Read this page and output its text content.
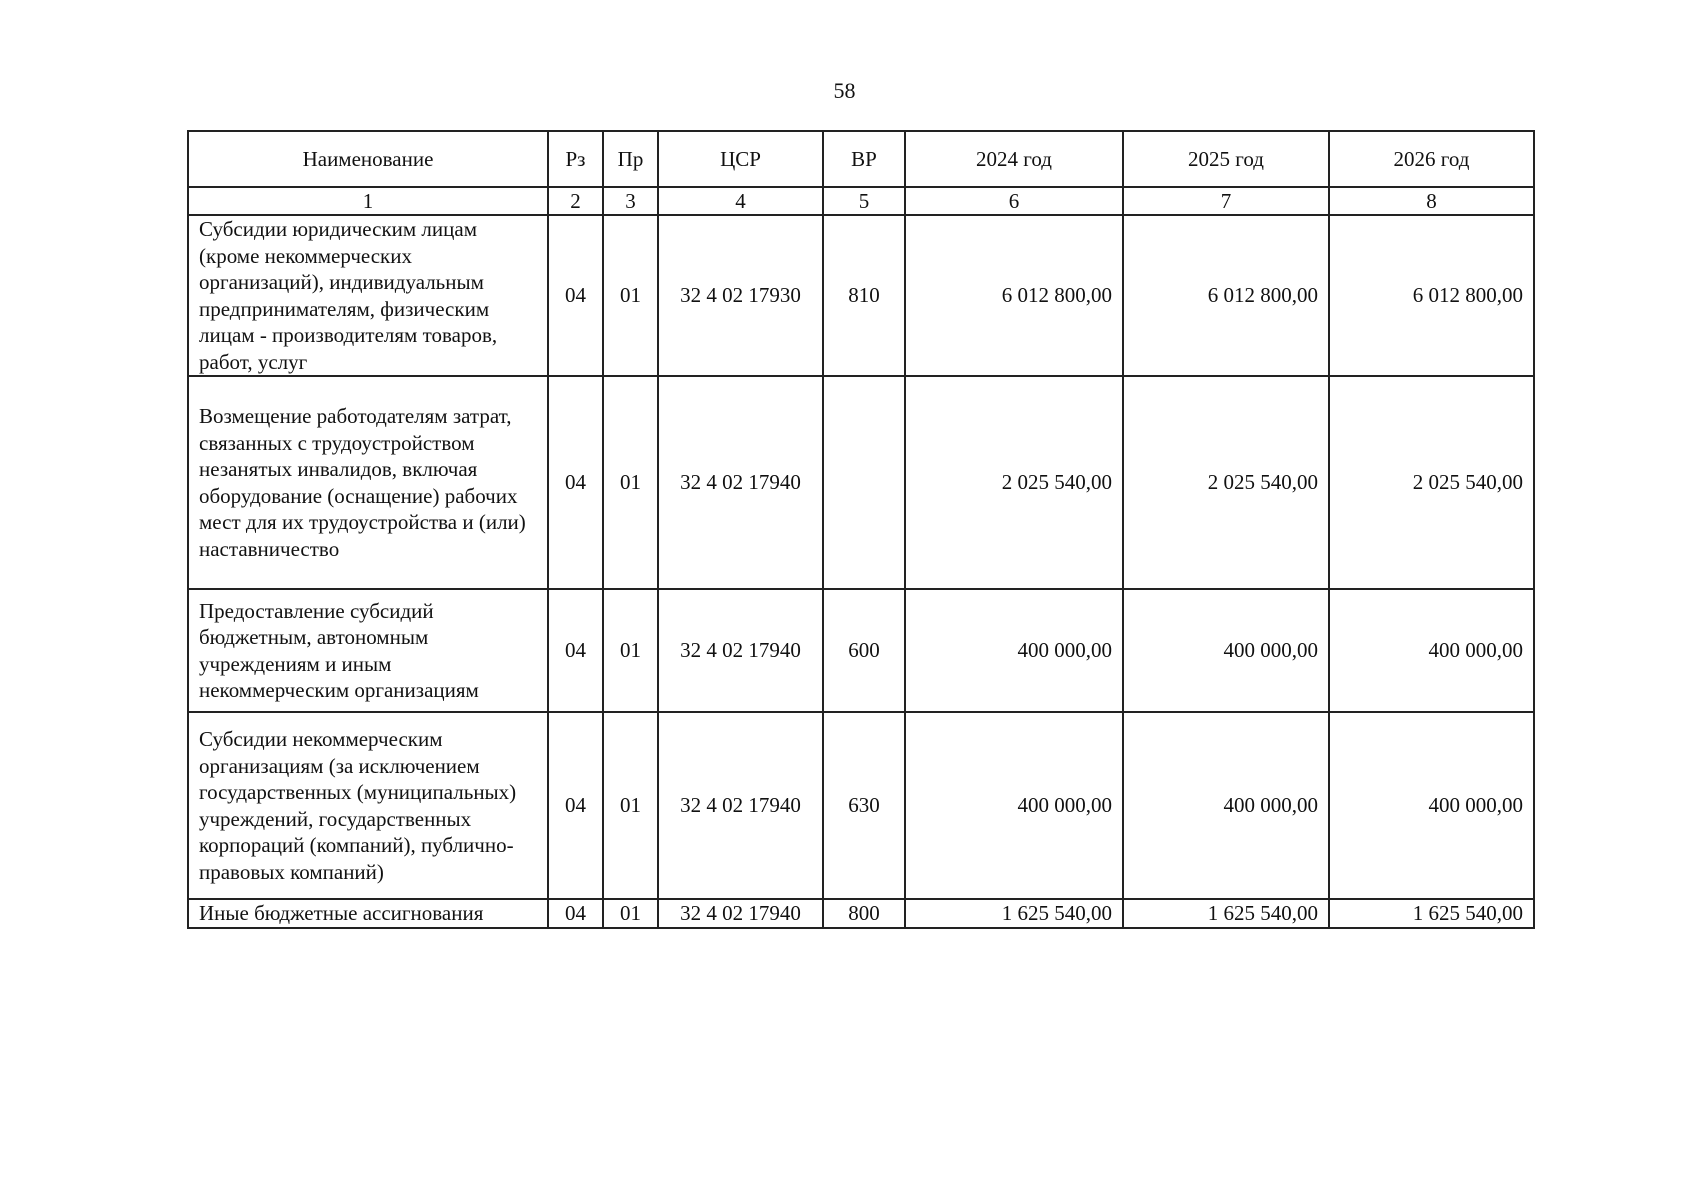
58
Наименование	Рз	Пр	ЦСР	ВР	2024 год	2025 год	2026 год
1	2	3	4	5	6	7	8
Субсидии юридическим лицам (кроме некоммерческих организаций), индивидуальным предпринимателям, физическим лицам - производителям товаров, работ, услуг	04	01	32 4 02 17930	810	6 012 800,00	6 012 800,00	6 012 800,00
Возмещение работодателям затрат, связанных с трудоустройством незанятых инвалидов, включая оборудование (оснащение) рабочих мест для их трудоустройства и (или) наставничество	04	01	32 4 02 17940		2 025 540,00	2 025 540,00	2 025 540,00
Предоставление субсидий бюджетным, автономным учреждениям и иным некоммерческим организациям	04	01	32 4 02 17940	600	400 000,00	400 000,00	400 000,00
Субсидии некоммерческим организациям (за исключением государственных (муниципальных) учреждений, государственных корпораций (компаний), публично-правовых компаний)	04	01	32 4 02 17940	630	400 000,00	400 000,00	400 000,00
Иные бюджетные ассигнования	04	01	32 4 02 17940	800	1 625 540,00	1 625 540,00	1 625 540,00
